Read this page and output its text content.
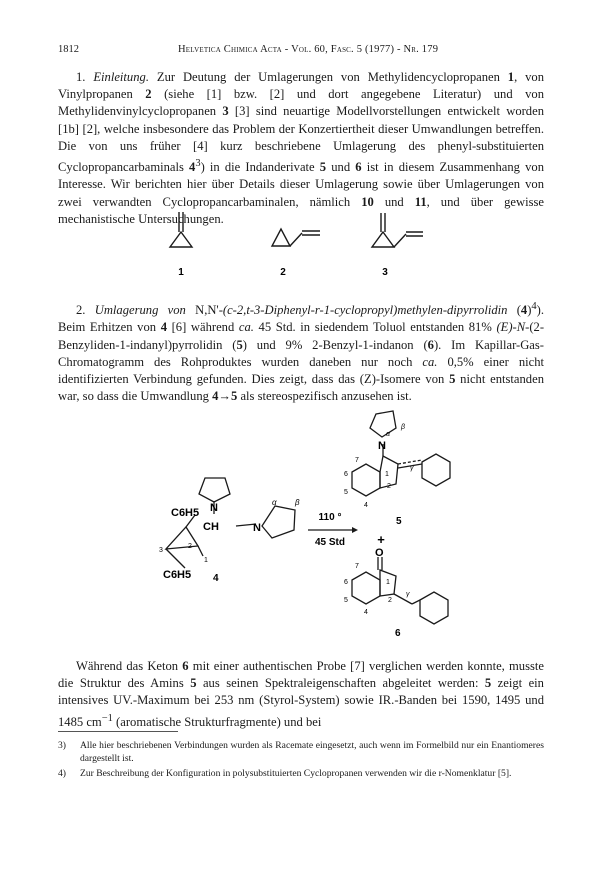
1812	Helvetica Chimica Acta - Vol. 60, Fasc. 5 (1977) - Nr. 179

1. Einleitung. Zur Deutung der Umlagerungen von Methylidencyclopropanen 1, von Vinylpropanen 2 (siehe [1] bzw. [2] und dort angegebene Literatur) und von Methylidenvinylcyclopropanen 3 [3] sind neuartige Modellvorstellungen entwickelt worden [1b] [2], welche insbesondere das Problem der Konzertiertheit dieser Umwandlungen betreffen. Die von uns früher [4] kurz beschriebene Umlagerung des phenyl-substituierten Cyclopropancarbaminals $4^3$) in die Indanderivate 5 und 6 ist in diesem Zusammenhang von Interesse. Wir berichten hier über Details dieser Umlagerung sowie über Umlagerungen von zwei verwandten Cyclopropancarbaminalen, nämlich 10 und 11, und über gewisse mechanistische Untersuchungen.

1	2	3

2. Umlagerung von N,N'-(c-2,t-3-Diphenyl-r-1-cyclopropyl)methylen-dipyrrolidin $(4)^4$). Beim Erhitzen von 4 [6] während ca. 45 Std. in siedendem Toluol entstanden 81% (E)-N-(2-Benzyliden-1-indanyl)pyrrolidin (5) und 9% 2-Benzyl-1-indanon (6). Im Kapillar-Gas-Chromatogramm des Rohproduktes wurden daneben nur noch ca. 0,5% einer nicht identifizierten Verbindung gefunden. Dies zeigt, dass das (Z)-Isomere von 5 nicht entstanden war, so dass die Umwandlung 4→5 als stereospezifisch anzusehen ist.

C6H5
CH
N
N
2
3
1
α β
C6H5 4
110 °
45 Std +
N
α
β
1
2
4
5
6
7
γ
5
O
1
2
4
5
6
7
γ
6

Während das Keton 6 mit einer authentischen Probe [7] verglichen werden konnte, musste die Struktur des Amins 5 aus seinen Spektraleigenschaften abgeleitet werden: 5 zeigt ein intensives UV.-Maximum bei 253 nm (Styrol-System) sowie IR.-Banden bei 1590, 1495 und 1485 $cm^{-1}$ (aromatische Strukturfragmente) und bei

3) Alle hier beschriebenen Verbindungen wurden als Racemate eingesetzt, auch wenn im Formelbild nur ein Enantiomeres dargestellt ist.
4) Zur Beschreibung der Konfiguration in polysubstituierten Cyclopropanen verwenden wir die r-Nomenklatur [5].
